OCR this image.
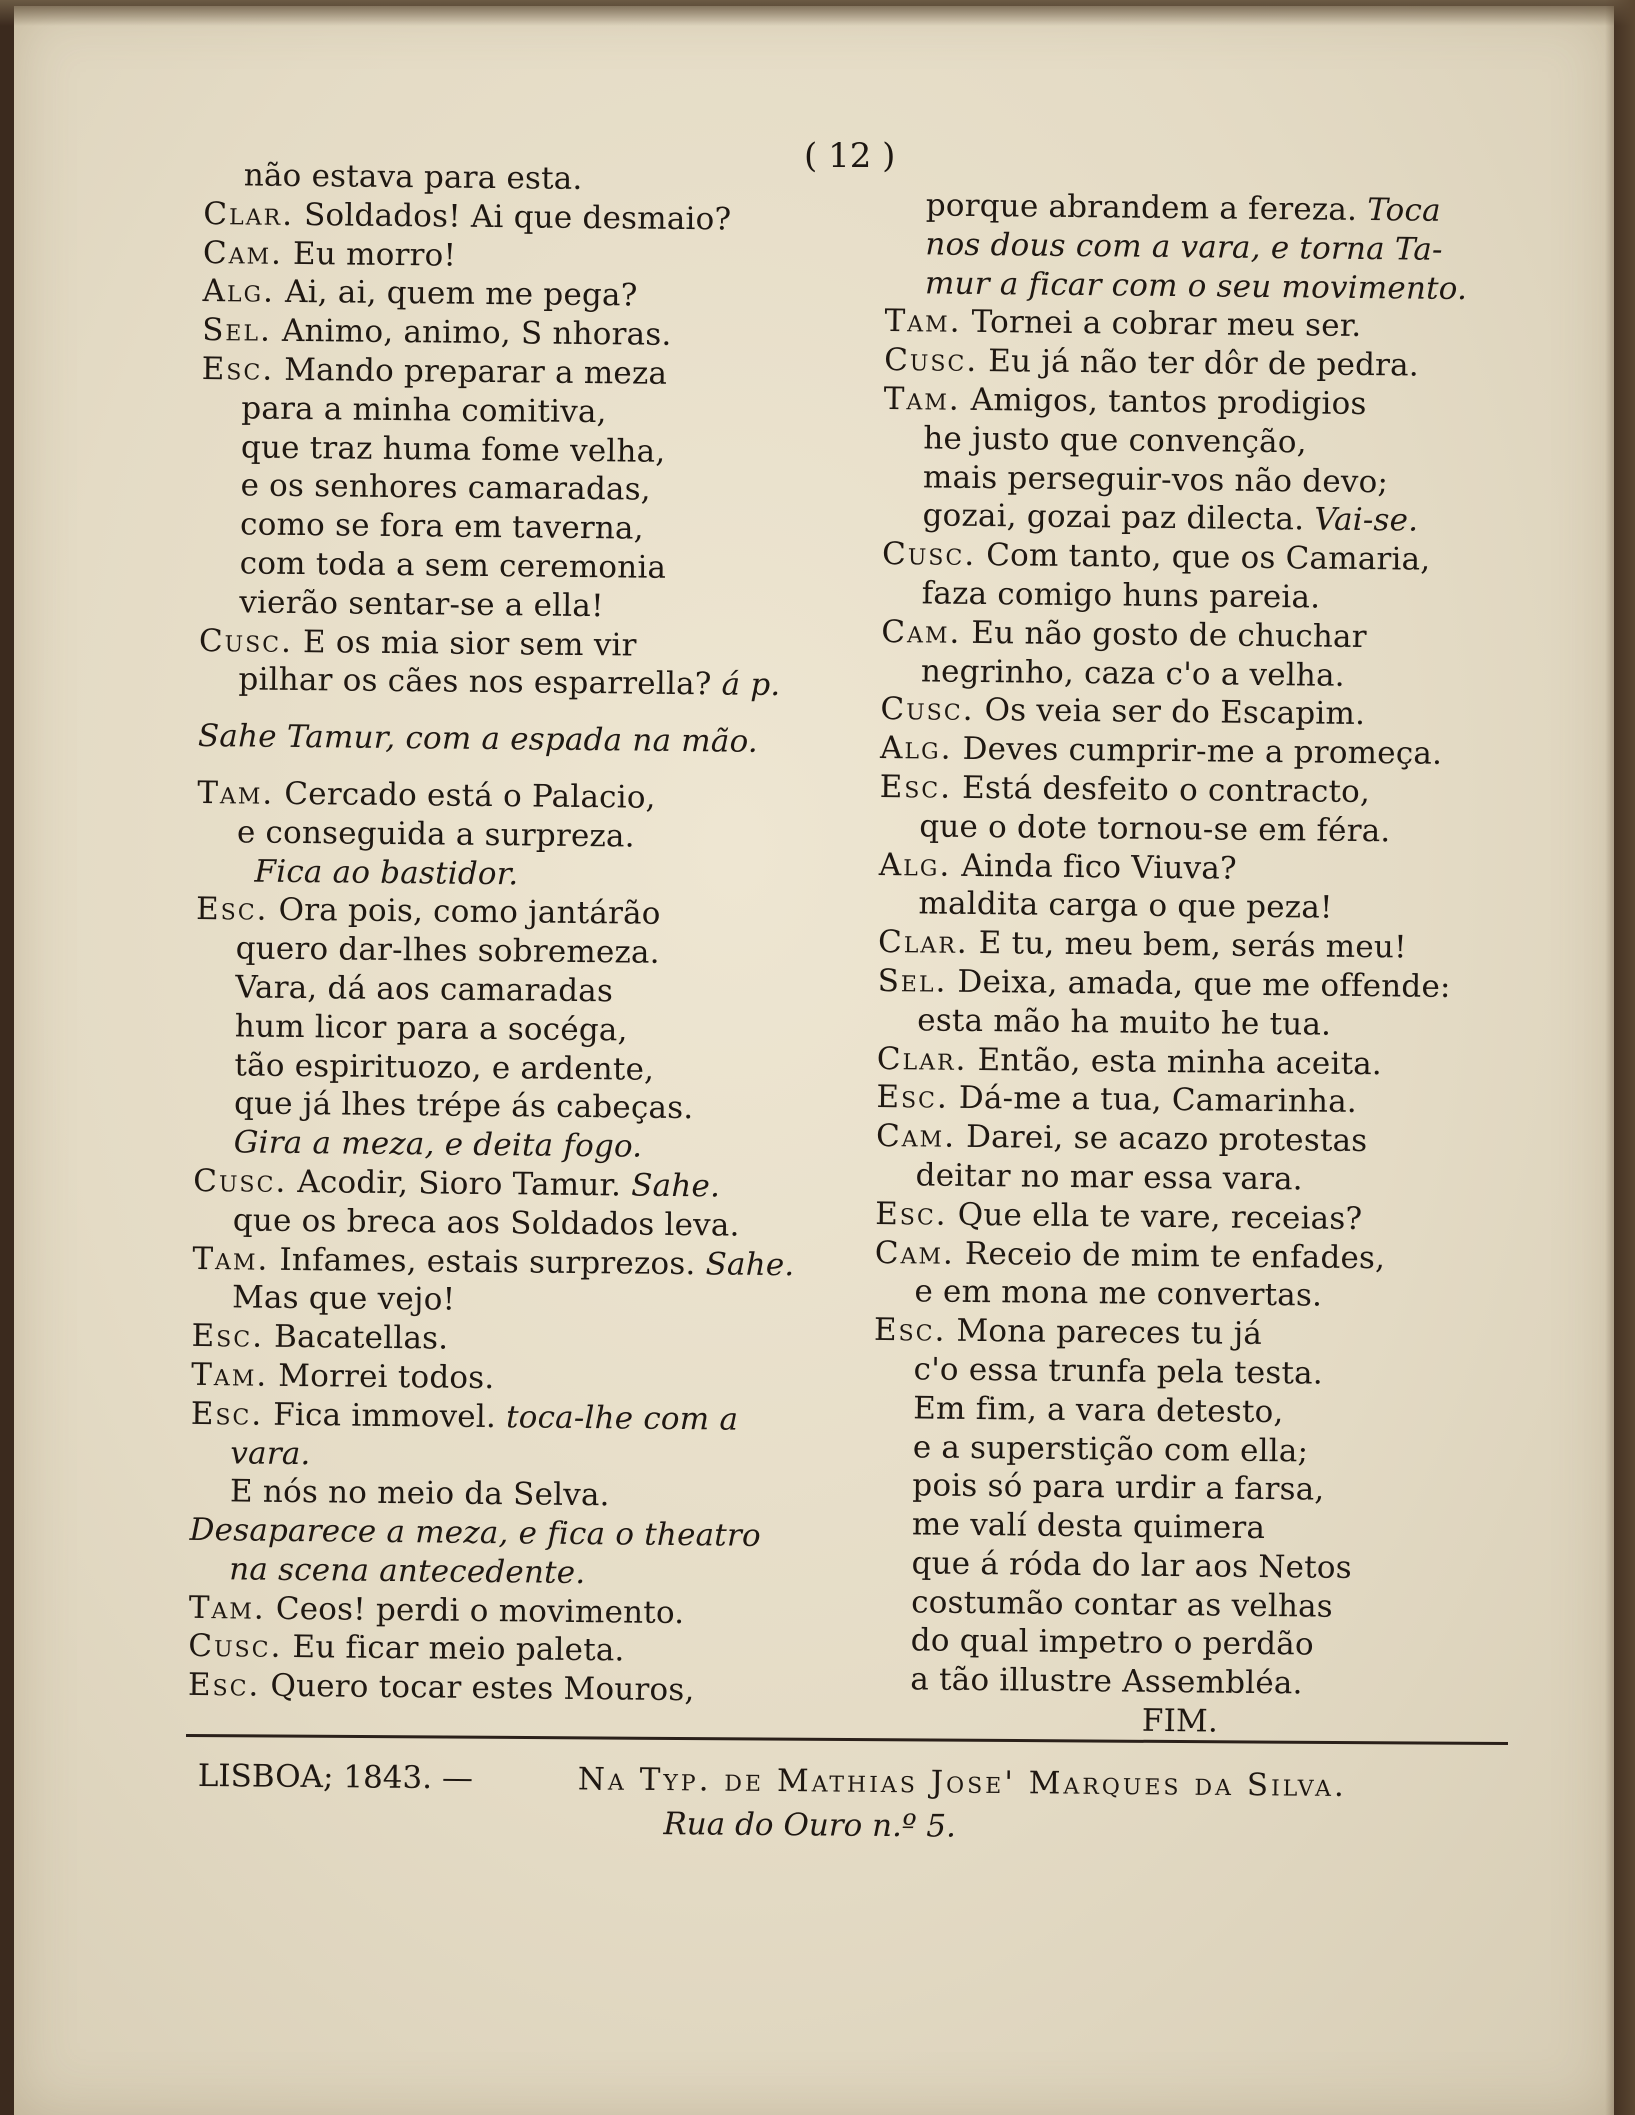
( 12 )
não estava para esta.
Clar. Soldados! Ai que desmaio?
Cam. Eu morro!
Alg. Ai, ai, quem me pega?
Sel. Animo, animo, S nhoras.
Esc. Mando preparar a meza
para a minha comitiva,
que traz huma fome velha,
e os senhores camaradas,
como se fora em taverna,
com toda a sem ceremonia
vierão sentar-se a ella!
Cusc. E os mia sior sem vir
pilhar os cães nos esparrella? á p.
Sahe Tamur, com a espada na mão.
Tam. Cercado está o Palacio,
e conseguida a surpreza.
Fica ao bastidor.
Esc. Ora pois, como jantárão
quero dar-lhes sobremeza.
Vara, dá aos camaradas
hum licor para a socéga,
tão espirituozo, e ardente,
que já lhes trépe ás cabeças.
Gira a meza, e deita fogo.
Cusc. Acodir, Sioro Tamur. Sahe.
que os breca aos Soldados leva.
Tam. Infames, estais surprezos. Sahe.
Mas que vejo!
Esc. Bacatellas.
Tam. Morrei todos.
Esc. Fica immovel. toca-lhe com a
vara.
E nós no meio da Selva.
Desaparece a meza, e fica o theatro
na scena antecedente.
Tam. Ceos! perdi o movimento.
Cusc. Eu ficar meio paleta.
Esc. Quero tocar estes Mouros,
porque abrandem a fereza. Toca
nos dous com a vara, e torna Ta-
mur a ficar com o seu movimento.
Tam. Tornei a cobrar meu ser.
Cusc. Eu já não ter dôr de pedra.
Tam. Amigos, tantos prodigios
he justo que convenção,
mais perseguir-vos não devo;
gozai, gozai paz dilecta. Vai-se.
Cusc. Com tanto, que os Camaria,
faza comigo huns pareia.
Cam. Eu não gosto de chuchar
negrinho, caza c'o a velha.
Cusc. Os veia ser do Escapim.
Alg. Deves cumprir-me a promeça.
Esc. Está desfeito o contracto,
que o dote tornou-se em féra.
Alg. Ainda fico Viuva?
maldita carga o que peza!
Clar. E tu, meu bem, serás meu!
Sel. Deixa, amada, que me offende:
esta mão ha muito he tua.
Clar. Então, esta minha aceita.
Esc. Dá-me a tua, Camarinha.
Cam. Darei, se acazo protestas
deitar no mar essa vara.
Esc. Que ella te vare, receias?
Cam. Receio de mim te enfades,
e em mona me convertas.
Esc. Mona pareces tu já
c'o essa trunfa pela testa.
Em fim, a vara detesto,
e a superstição com ella;
pois só para urdir a farsa,
me valí desta quimera
que á róda do lar aos Netos
costumão contar as velhas
do qual impetro o perdão
a tão illustre Assembléa.
FIM.
LISBOA; 1843. —	Na Typ. de Mathias Jose' Marques da Silva.
Rua do Ouro n.º 5.
